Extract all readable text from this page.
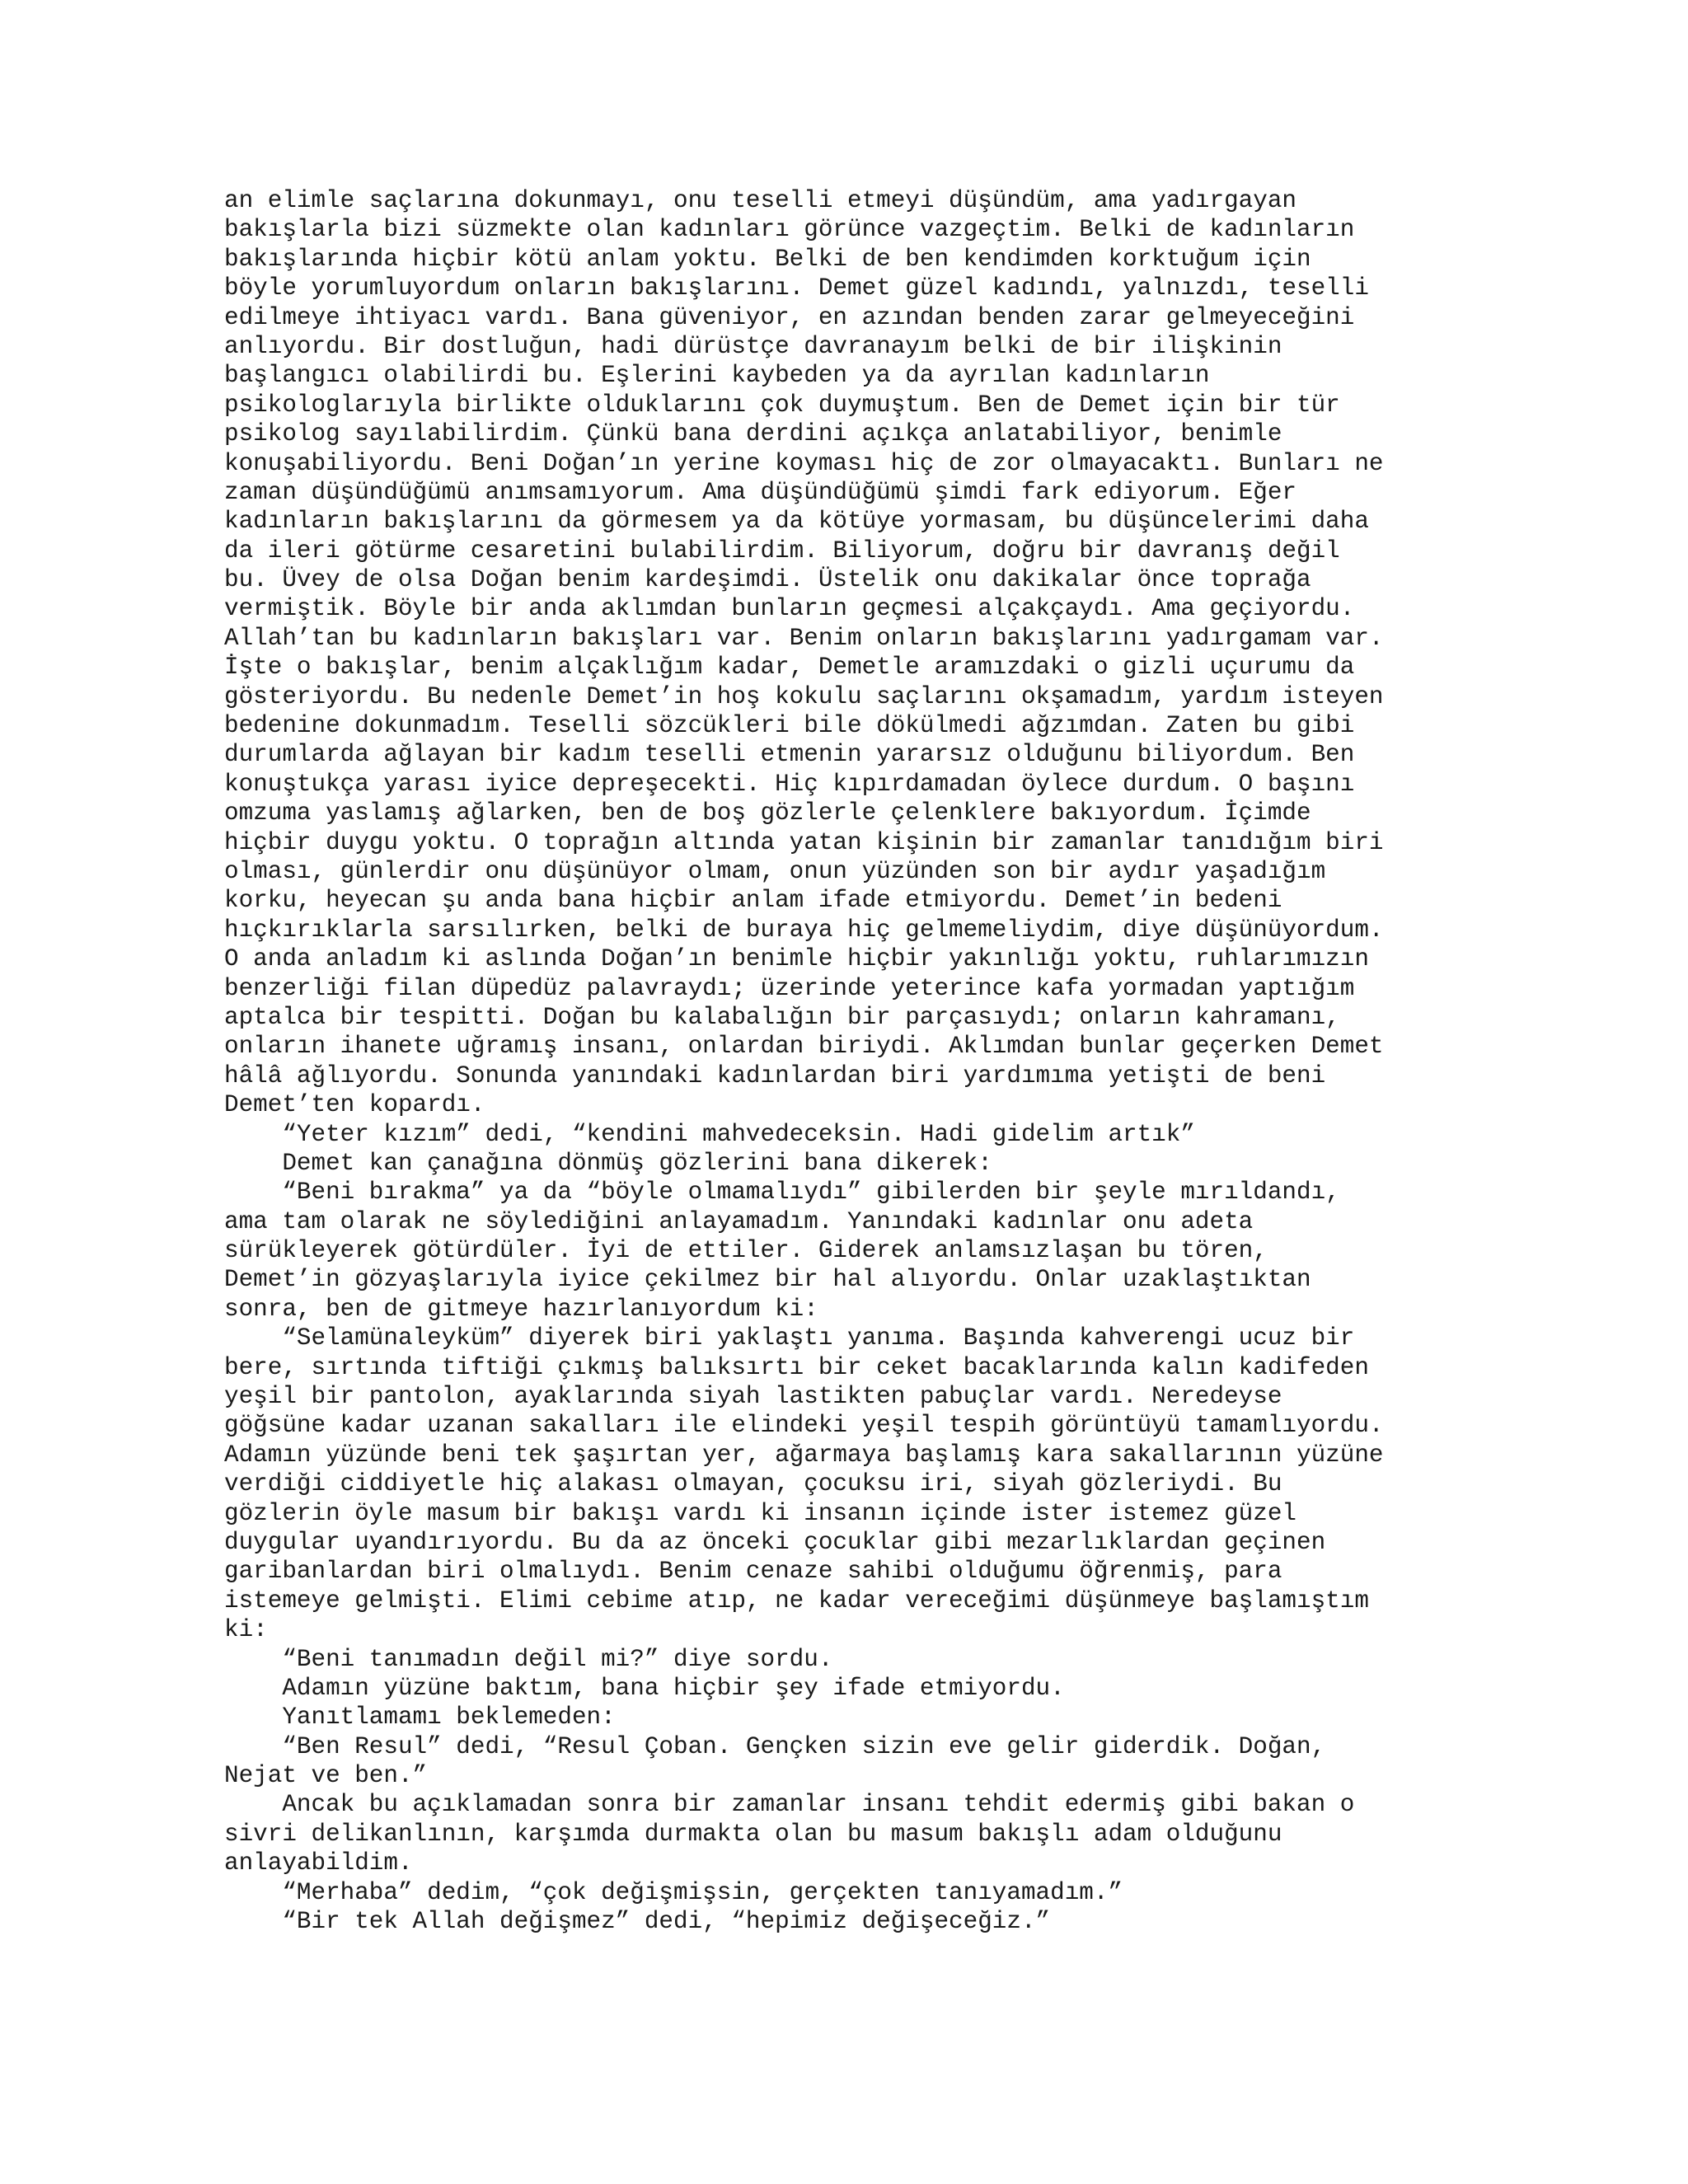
an elimle saçlarına dokunmayı, onu teselli etmeyi düşündüm, ama yadırgayan
bakışlarla bizi süzmekte olan kadınları görünce vazgeçtim. Belki de kadınların
bakışlarında hiçbir kötü anlam yoktu. Belki de ben kendimden korktuğum için
böyle yorumluyordum onların bakışlarını. Demet güzel kadındı, yalnızdı, teselli
edilmeye ihtiyacı vardı. Bana güveniyor, en azından benden zarar gelmeyeceğini
anlıyordu. Bir dostluğun, hadi dürüstçe davranayım belki de bir ilişkinin
başlangıcı olabilirdi bu. Eşlerini kaybeden ya da ayrılan kadınların
psikologlarıyla birlikte olduklarını çok duymuştum. Ben de Demet için bir tür
psikolog sayılabilirdim. Çünkü bana derdini açıkça anlatabiliyor, benimle
konuşabiliyordu. Beni Doğan’ın yerine koyması hiç de zor olmayacaktı. Bunları ne
zaman düşündüğümü anımsamıyorum. Ama düşündüğümü şimdi fark ediyorum. Eğer
kadınların bakışlarını da görmesem ya da kötüye yormasam, bu düşüncelerimi daha
da ileri götürme cesaretini bulabilirdim. Biliyorum, doğru bir davranış değil
bu. Üvey de olsa Doğan benim kardeşimdi. Üstelik onu dakikalar önce toprağa
vermiştik. Böyle bir anda aklımdan bunların geçmesi alçakçaydı. Ama geçiyordu.
Allah’tan bu kadınların bakışları var. Benim onların bakışlarını yadırgamam var.
İşte o bakışlar, benim alçaklığım kadar, Demetle aramızdaki o gizli uçurumu da
gösteriyordu. Bu nedenle Demet’in hoş kokulu saçlarını okşamadım, yardım isteyen
bedenine dokunmadım. Teselli sözcükleri bile dökülmedi ağzımdan. Zaten bu gibi
durumlarda ağlayan bir kadım teselli etmenin yararsız olduğunu biliyordum. Ben
konuştukça yarası iyice depreşecekti. Hiç kıpırdamadan öylece durdum. O başını
omzuma yaslamış ağlarken, ben de boş gözlerle çelenklere bakıyordum. İçimde
hiçbir duygu yoktu. O toprağın altında yatan kişinin bir zamanlar tanıdığım biri
olması, günlerdir onu düşünüyor olmam, onun yüzünden son bir aydır yaşadığım
korku, heyecan şu anda bana hiçbir anlam ifade etmiyordu. Demet’in bedeni
hıçkırıklarla sarsılırken, belki de buraya hiç gelmemeliydim, diye düşünüyordum.
O anda anladım ki aslında Doğan’ın benimle hiçbir yakınlığı yoktu, ruhlarımızın
benzerliği filan düpedüz palavraydı; üzerinde yeterince kafa yormadan yaptığım
aptalca bir tespitti. Doğan bu kalabalığın bir parçasıydı; onların kahramanı,
onların ihanete uğramış insanı, onlardan biriydi. Aklımdan bunlar geçerken Demet
hâlâ ağlıyordu. Sonunda yanındaki kadınlardan biri yardımıma yetişti de beni
Demet’ten kopardı.
“Yeter kızım” dedi, “kendini mahvedeceksin. Hadi gidelim artık”
Demet kan çanağına dönmüş gözlerini bana dikerek:
“Beni bırakma” ya da “böyle olmamalıydı” gibilerden bir şeyle mırıldandı,
ama tam olarak ne söylediğini anlayamadım. Yanındaki kadınlar onu adeta
sürükleyerek götürdüler. İyi de ettiler. Giderek anlamsızlaşan bu tören,
Demet’in gözyaşlarıyla iyice çekilmez bir hal alıyordu. Onlar uzaklaştıktan
sonra, ben de gitmeye hazırlanıyordum ki:
“Selamünaleyküm” diyerek biri yaklaştı yanıma. Başında kahverengi ucuz bir
bere, sırtında tiftiği çıkmış balıksırtı bir ceket bacaklarında kalın kadifeden
yeşil bir pantolon, ayaklarında siyah lastikten pabuçlar vardı. Neredeyse
göğsüne kadar uzanan sakalları ile elindeki yeşil tespih görüntüyü tamamlıyordu.
Adamın yüzünde beni tek şaşırtan yer, ağarmaya başlamış kara sakallarının yüzüne
verdiği ciddiyetle hiç alakası olmayan, çocuksu iri, siyah gözleriydi. Bu
gözlerin öyle masum bir bakışı vardı ki insanın içinde ister istemez güzel
duygular uyandırıyordu. Bu da az önceki çocuklar gibi mezarlıklardan geçinen
garibanlardan biri olmalıydı. Benim cenaze sahibi olduğumu öğrenmiş, para
istemeye gelmişti. Elimi cebime atıp, ne kadar vereceğimi düşünmeye başlamıştım
ki:
“Beni tanımadın değil mi?” diye sordu.
Adamın yüzüne baktım, bana hiçbir şey ifade etmiyordu.
Yanıtlamamı beklemeden:
“Ben Resul” dedi, “Resul Çoban. Gençken sizin eve gelir giderdik. Doğan,
Nejat ve ben.”
Ancak bu açıklamadan sonra bir zamanlar insanı tehdit edermiş gibi bakan o
sivri delikanlının, karşımda durmakta olan bu masum bakışlı adam olduğunu
anlayabildim.
“Merhaba” dedim, “çok değişmişsin, gerçekten tanıyamadım.”
“Bir tek Allah değişmez” dedi, “hepimiz değişeceğiz.”
